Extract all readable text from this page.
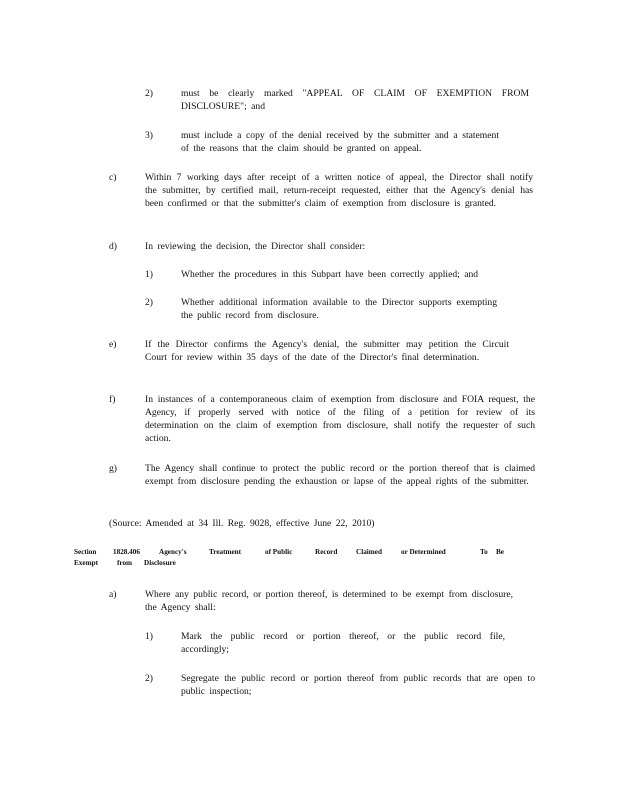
2)	must be clearly marked "APPEAL OF CLAIM OF EXEMPTION FROM DISCLOSURE"; and
3)	must include a copy of the denial received by the submitter and a statement of the reasons that the claim should be granted on appeal.
c)	Within 7 working days after receipt of a written notice of appeal, the Director shall notify the submitter, by certified mail, return-receipt requested, either that the Agency's denial has been confirmed or that the submitter's claim of exemption from disclosure is granted.
d)	In reviewing the decision, the Director shall consider:
1)	Whether the procedures in this Subpart have been correctly applied; and
2)	Whether additional information available to the Director supports exempting the public record from disclosure.
e)	If the Director confirms the Agency's denial, the submitter may petition the Circuit Court for review within 35 days of the date of the Director's final determination.
f)	In instances of a contemporaneous claim of exemption from disclosure and FOIA request, the Agency, if properly served with notice of the filing of a petition for review of its determination on the claim of exemption from disclosure, shall notify the requester of such action.
g)	The Agency shall continue to protect the public record or the portion thereof that is claimed exempt from disclosure pending the exhaustion or lapse of the appeal rights of the submitter.
(Source: Amended at 34 Ill. Reg. 9028, effective June 22, 2010)
Section 1828.406	Agency's	Treatment	of Public	Record	Claimed	or Determined	To Be
Exempt	from Disclosure
a)	Where any public record, or portion thereof, is determined to be exempt from disclosure, the Agency shall:
1)	Mark the public record or portion thereof, or the public record file, accordingly;
2)	Segregate the public record or portion thereof from public records that are open to public inspection;
